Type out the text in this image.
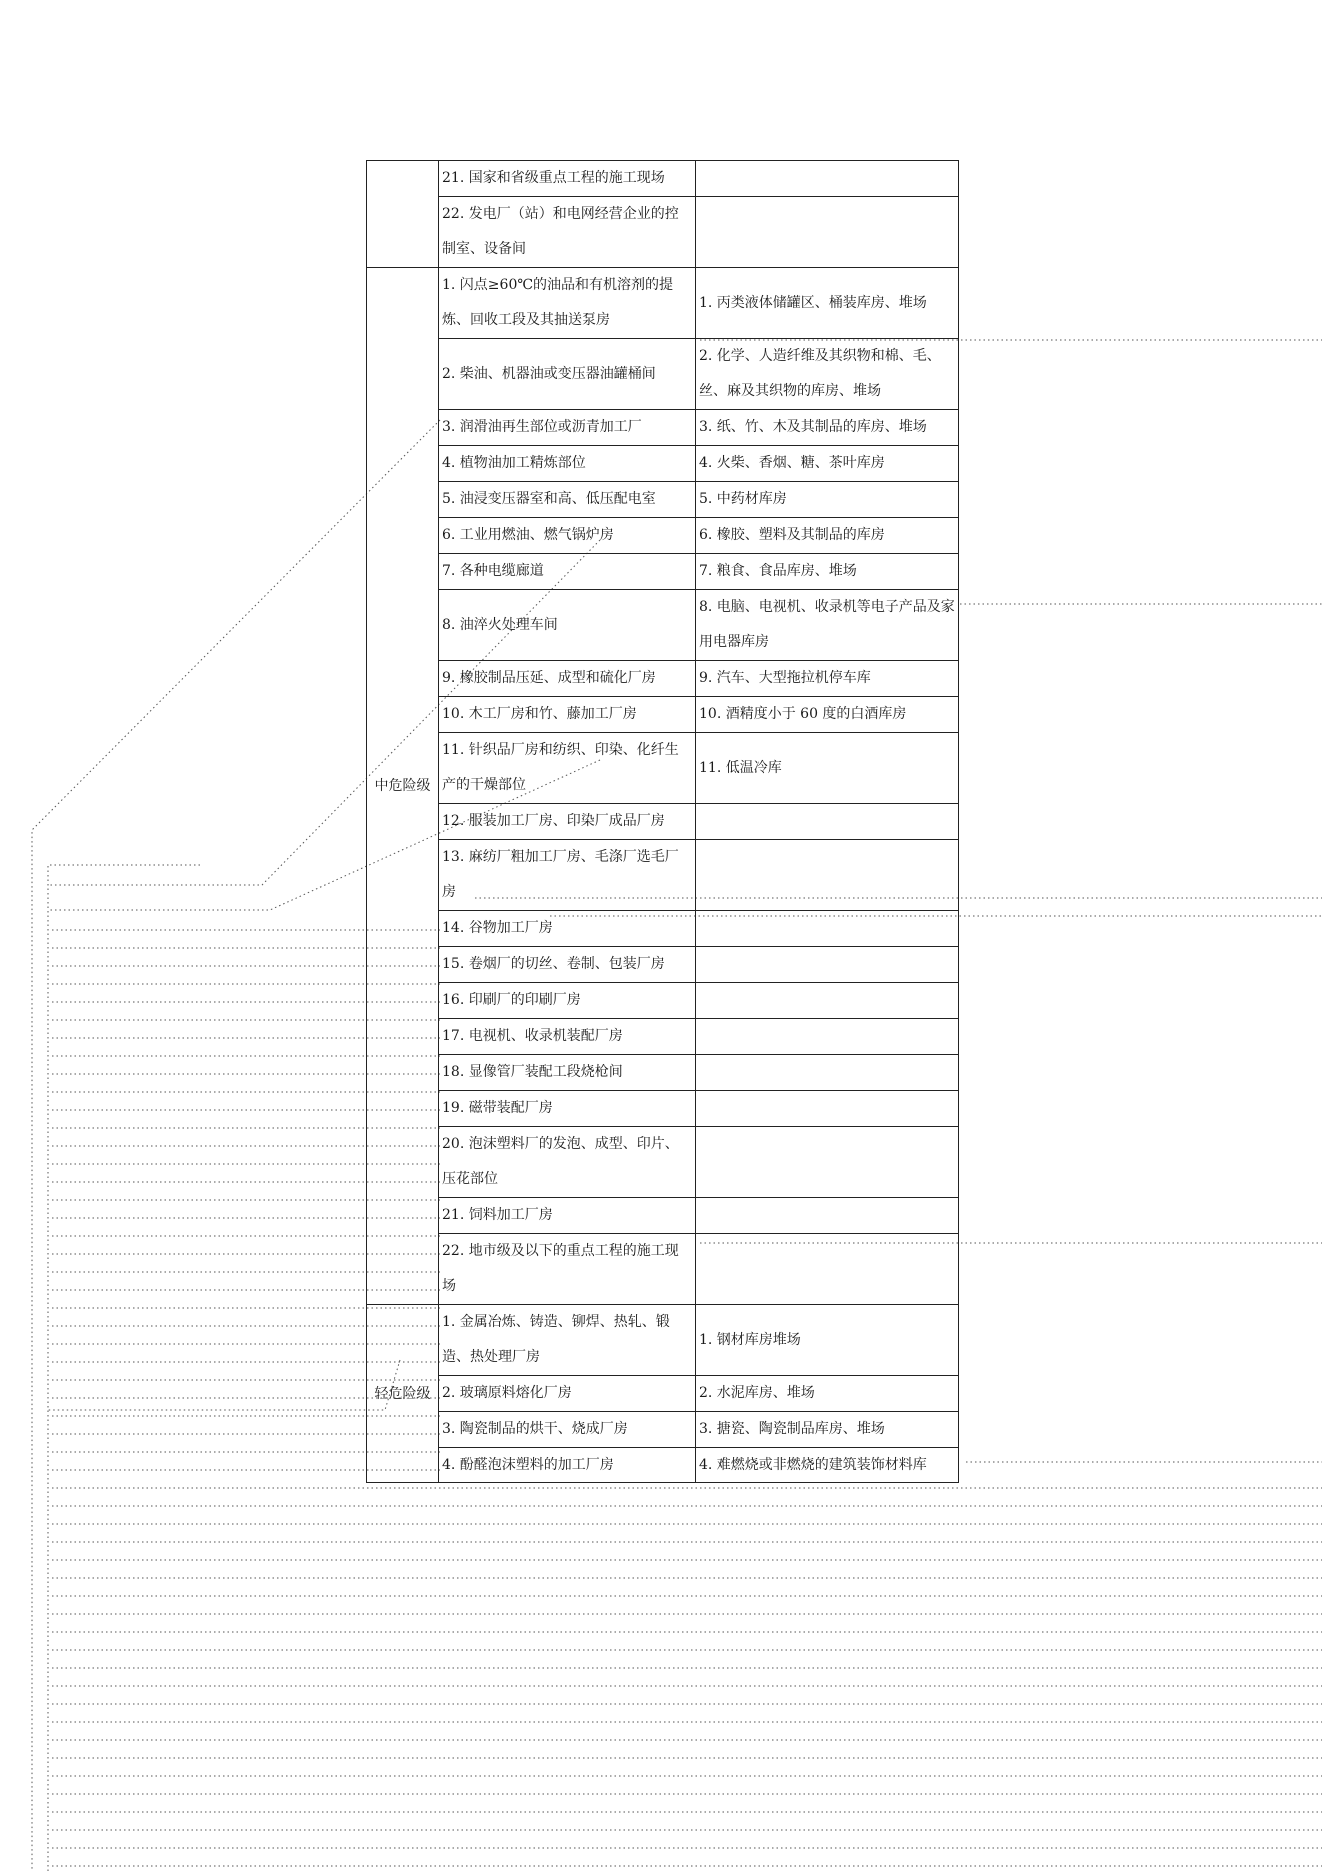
	21. 国家和省级重点工程的施工现场	
	22. 发电厂（站）和电网经营企业的控制室、设备间	
中危险级	1. 闪点≥60℃的油品和有机溶剂的提炼、回收工段及其抽送泵房	1. 丙类液体储罐区、桶装库房、堆场
	2. 柴油、机器油或变压器油罐桶间	2. 化学、人造纤维及其织物和棉、毛、丝、麻及其织物的库房、堆场
	3. 润滑油再生部位或沥青加工厂	3. 纸、竹、木及其制品的库房、堆场
	4. 植物油加工精炼部位	4. 火柴、香烟、糖、茶叶库房
	5. 油浸变压器室和高、低压配电室	5. 中药材库房
	6. 工业用燃油、燃气锅炉房	6. 橡胶、塑料及其制品的库房
	7. 各种电缆廊道	7. 粮食、食品库房、堆场
	8. 油淬火处理车间	8. 电脑、电视机、收录机等电子产品及家用电器库房
	9. 橡胶制品压延、成型和硫化厂房	9. 汽车、大型拖拉机停车库
	10. 木工厂房和竹、藤加工厂房	10. 酒精度小于 60 度的白酒库房
	11. 针织品厂房和纺织、印染、化纤生产的干燥部位	11. 低温冷库
	12. 服装加工厂房、印染厂成品厂房	
	13. 麻纺厂粗加工厂房、毛涤厂选毛厂房	
	14. 谷物加工厂房	
	15. 卷烟厂的切丝、卷制、包装厂房	
	16. 印刷厂的印刷厂房	
	17. 电视机、收录机装配厂房	
	18. 显像管厂装配工段烧枪间	
	19. 磁带装配厂房	
	20. 泡沫塑料厂的发泡、成型、印片、压花部位	
	21. 饲料加工厂房	
	22. 地市级及以下的重点工程的施工现场	
轻危险级	1. 金属冶炼、铸造、铆焊、热轧、锻造、热处理厂房	1. 钢材库房堆场
	2. 玻璃原料熔化厂房	2. 水泥库房、堆场
	3. 陶瓷制品的烘干、烧成厂房	3. 搪瓷、陶瓷制品库房、堆场
	4. 酚醛泡沫塑料的加工厂房	4. 难燃烧或非燃烧的建筑装饰材料库
